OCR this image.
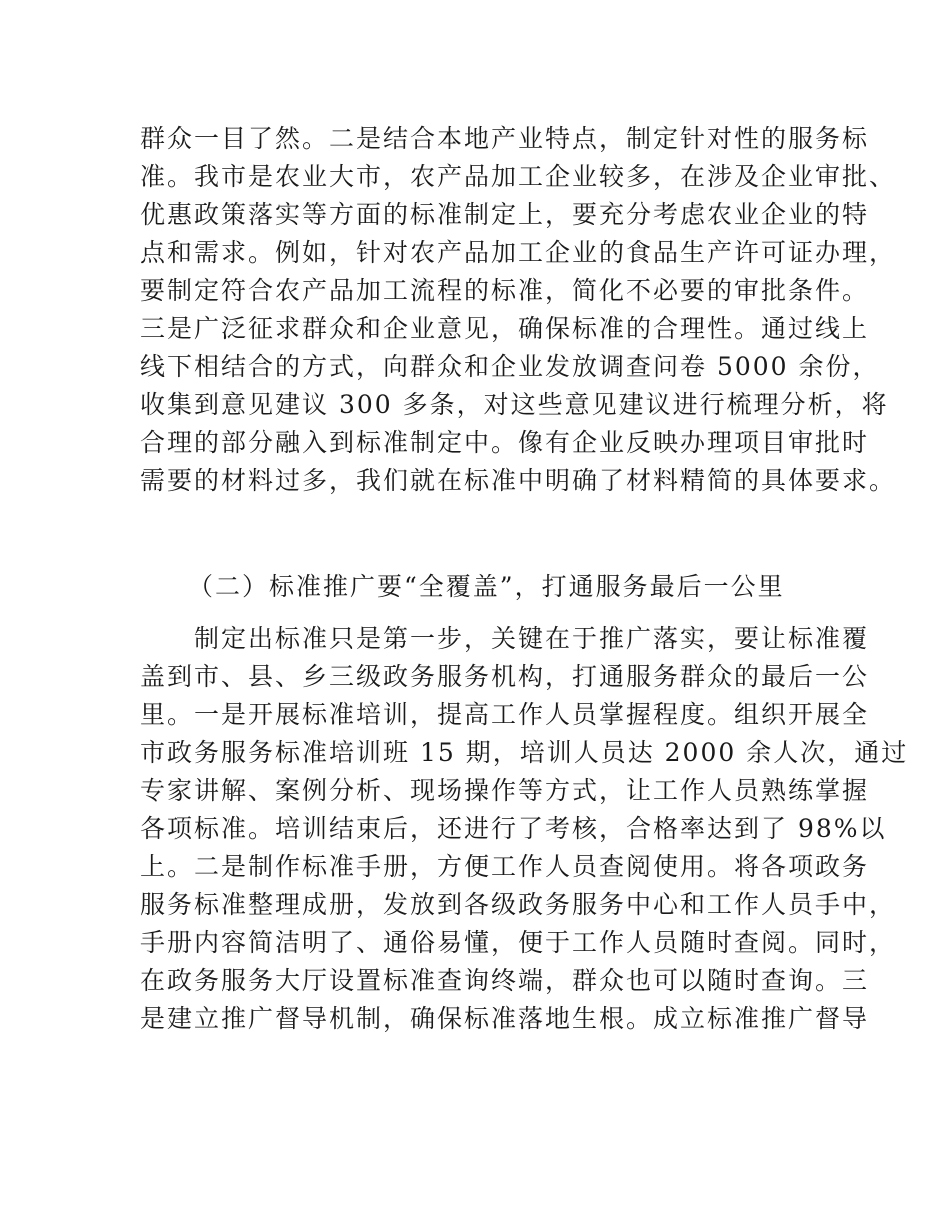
群众一目了然。二是结合本地产业特点，制定针对性的服务标
准。我市是农业大市，农产品加工企业较多，在涉及企业审批、
优惠政策落实等方面的标准制定上，要充分考虑农业企业的特
点和需求。例如，针对农产品加工企业的食品生产许可证办理，
要制定符合农产品加工流程的标准，简化不必要的审批条件。
三是广泛征求群众和企业意见，确保标准的合理性。通过线上
线下相结合的方式，向群众和企业发放调查问卷 5000 余份，
收集到意见建议 300 多条，对这些意见建议进行梳理分析，将
合理的部分融入到标准制定中。像有企业反映办理项目审批时
需要的材料过多，我们就在标准中明确了材料精简的具体要求。
（二）标准推广要“全覆盖”，打通服务最后一公里
　　制定出标准只是第一步，关键在于推广落实，要让标准覆
盖到市、县、乡三级政务服务机构，打通服务群众的最后一公
里。一是开展标准培训，提高工作人员掌握程度。组织开展全
市政务服务标准培训班 15 期，培训人员达 2000 余人次，通过
专家讲解、案例分析、现场操作等方式，让工作人员熟练掌握
各项标准。培训结束后，还进行了考核，合格率达到了 98%以
上。二是制作标准手册，方便工作人员查阅使用。将各项政务
服务标准整理成册，发放到各级政务服务中心和工作人员手中，
手册内容简洁明了、通俗易懂，便于工作人员随时查阅。同时，
在政务服务大厅设置标准查询终端，群众也可以随时查询。三
是建立推广督导机制，确保标准落地生根。成立标准推广督导
